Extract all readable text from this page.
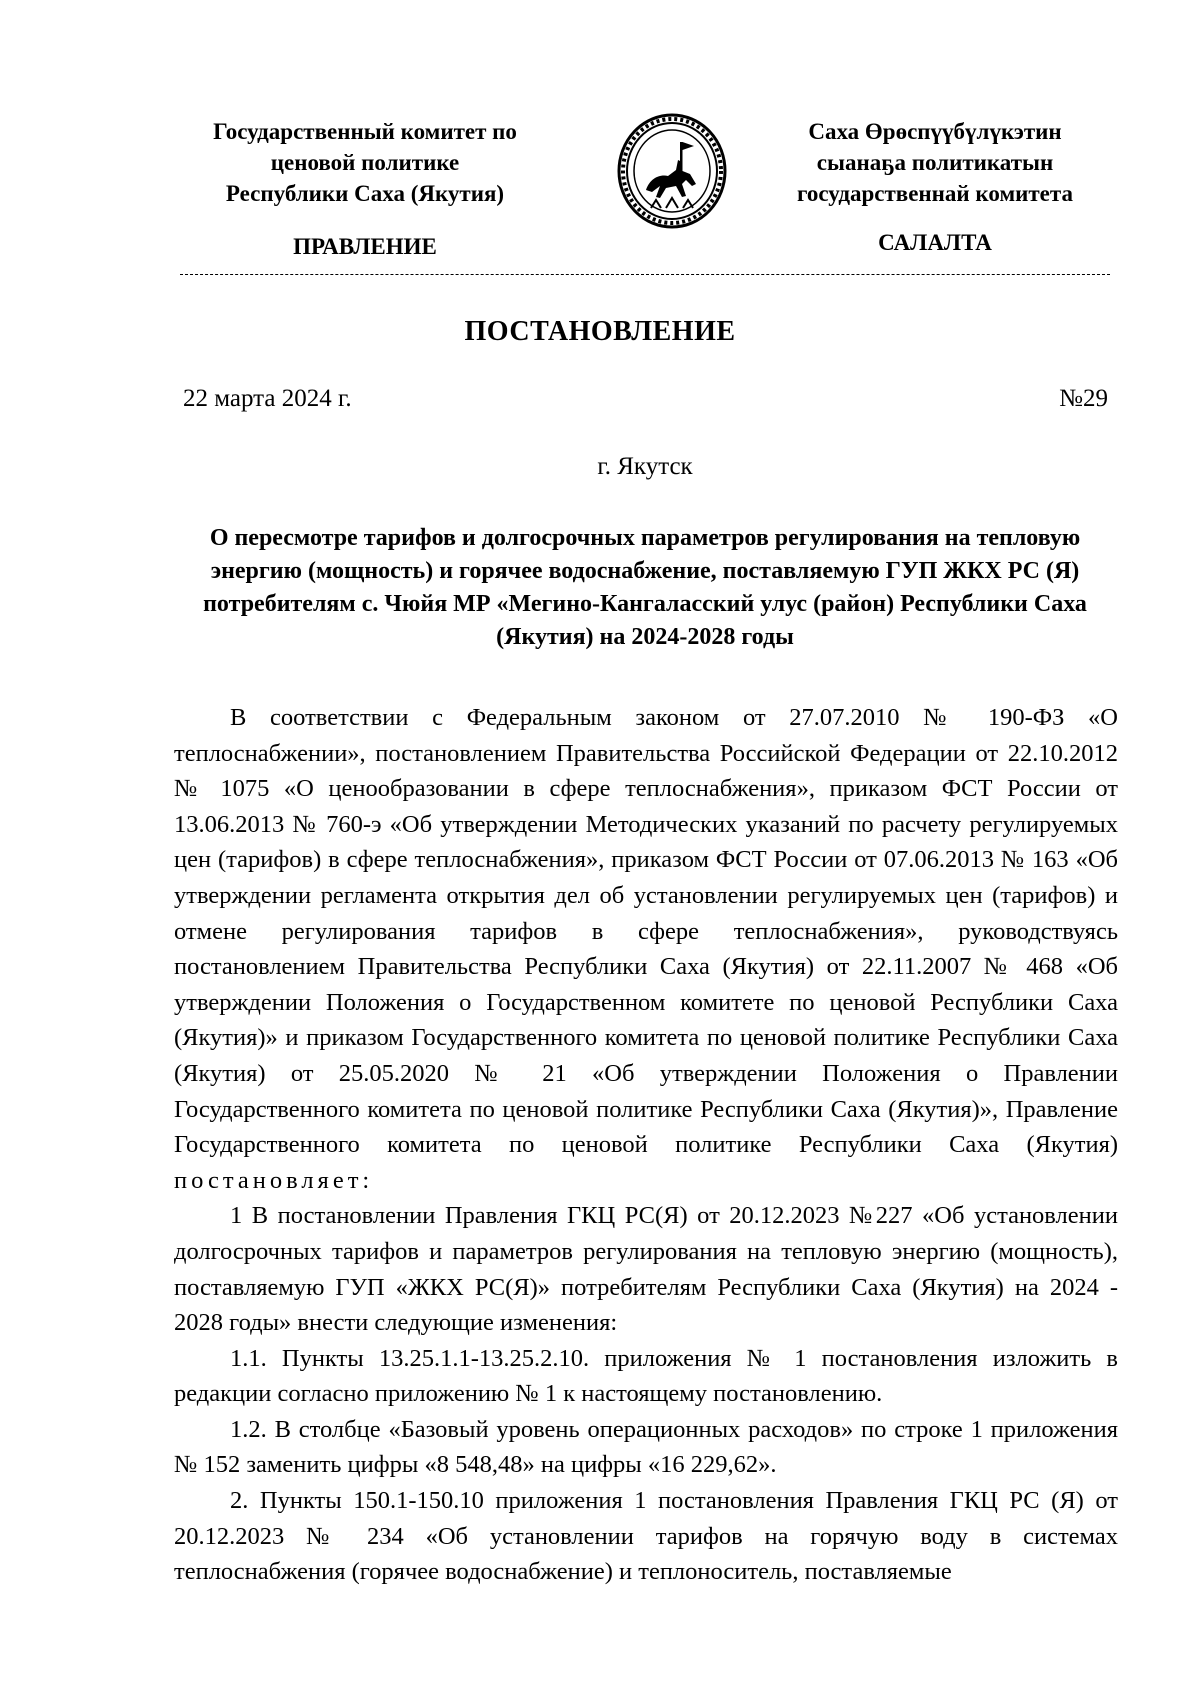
Государственный комитет по
ценовой политике
Республики Саха (Якутия)
Саха Өрөспүүбүлүкэтин
сыанаҕа политикатын
государственнай комитета
ПРАВЛЕНИЕ	САЛАЛТА
ПОСТАНОВЛЕНИЕ
22 марта 2024 г.	№29
г. Якутск
О пересмотре тарифов и долгосрочных параметров регулирования на тепловую энергию (мощность) и горячее водоснабжение, поставляемую ГУП ЖКХ РС (Я) потребителям с. Чюйя МР «Мегино-Кангаласский улус (район) Республики Саха (Якутия) на 2024-2028 годы

В соответствии с Федеральным законом от 27.07.2010 № 190-ФЗ «О теплоснабжении», постановлением Правительства Российской Федерации от 22.10.2012 № 1075 «О ценообразовании в сфере теплоснабжения», приказом ФСТ России от 13.06.2013 № 760-э «Об утверждении Методических указаний по расчету регулируемых цен (тарифов) в сфере теплоснабжения», приказом ФСТ России от 07.06.2013 № 163 «Об утверждении регламента открытия дел об установлении регулируемых цен (тарифов) и отмене регулирования тарифов в сфере теплоснабжения», руководствуясь постановлением Правительства Республики Саха (Якутия) от 22.11.2007 № 468 «Об утверждении Положения о Государственном комитете по ценовой Республики Саха (Якутия)» и приказом Государственного комитета по ценовой политике Республики Саха (Якутия) от 25.05.2020 № 21 «Об утверждении Положения о Правлении Государственного комитета по ценовой политике Республики Саха (Якутия)», Правление Государственного комитета по ценовой политике Республики Саха (Якутия) постановляет:

1 В постановлении Правления ГКЦ РС(Я) от 20.12.2023 №227 «Об установлении долгосрочных тарифов и параметров регулирования на тепловую энергию (мощность), поставляемую ГУП «ЖКХ РС(Я)» потребителям Республики Саха (Якутия) на 2024 - 2028 годы» внести следующие изменения:

1.1. Пункты 13.25.1.1-13.25.2.10. приложения № 1 постановления изложить в редакции согласно приложению № 1 к настоящему постановлению.

1.2. В столбце «Базовый уровень операционных расходов» по строке 1 приложения № 152 заменить цифры «8 548,48» на цифры «16 229,62».

2. Пункты 150.1-150.10 приложения 1 постановления Правления ГКЦ РС (Я) от 20.12.2023 № 234 «Об установлении тарифов на горячую воду в системах теплоснабжения (горячее водоснабжение) и теплоноситель, поставляемые
